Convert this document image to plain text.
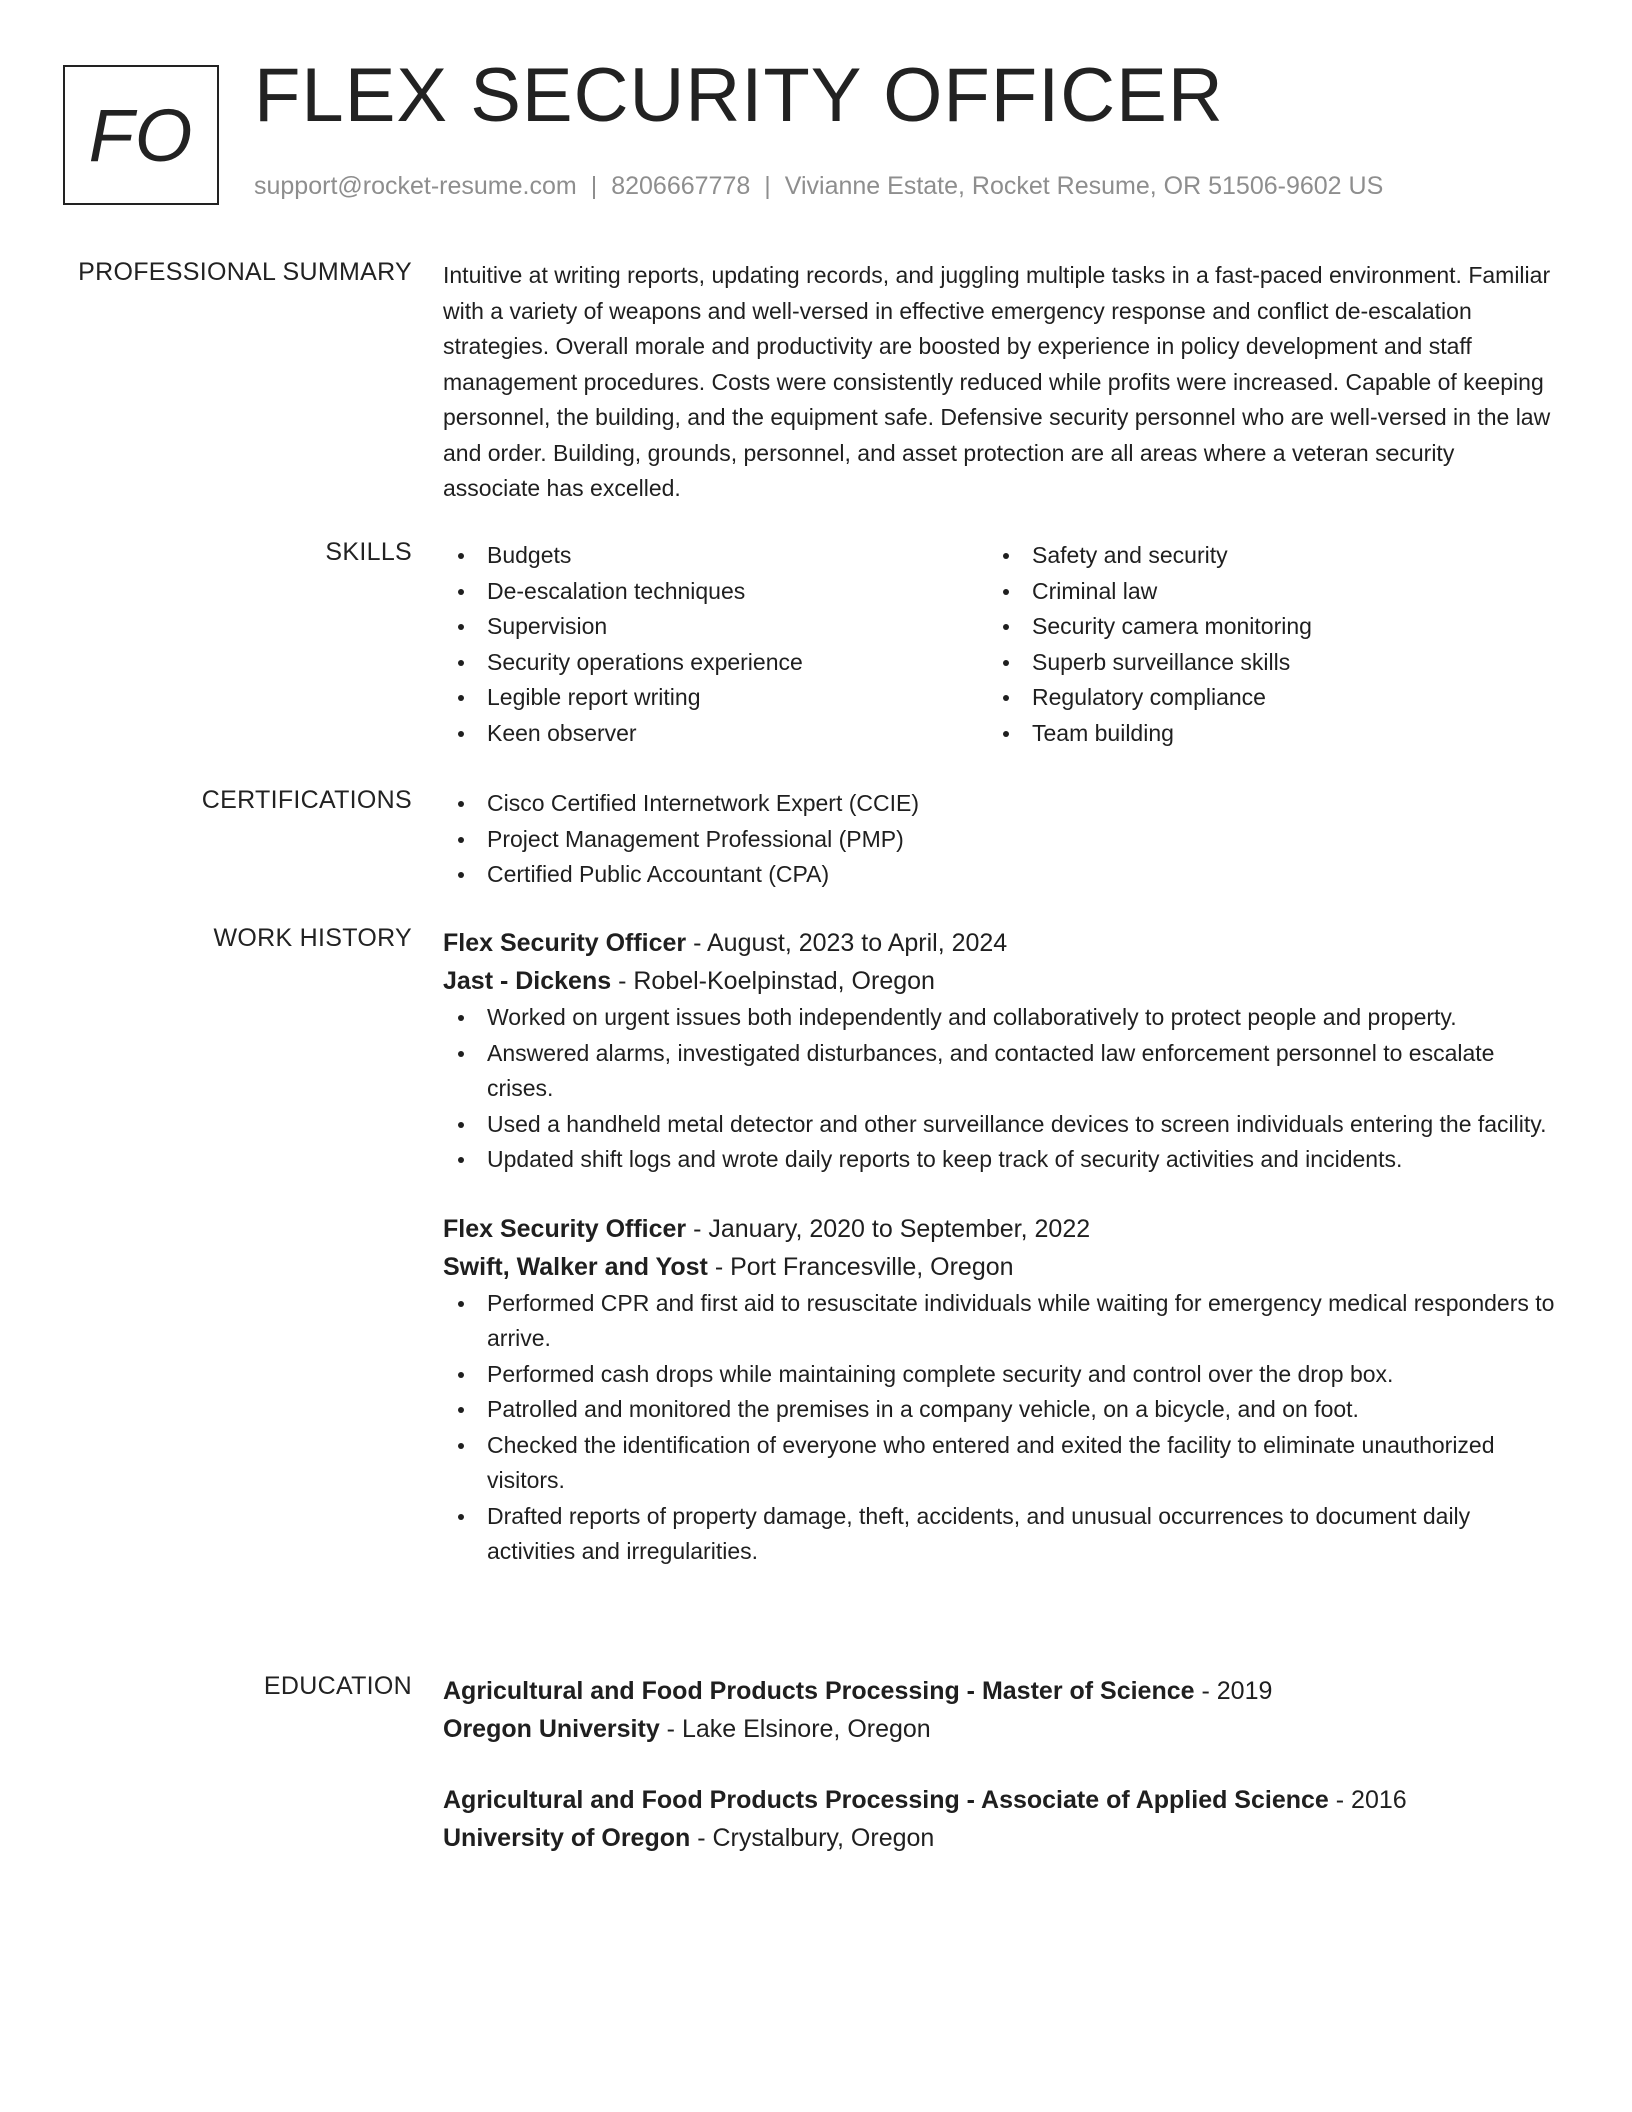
FO FLEX SECURITY OFFICER
support@rocket-resume.com | 8206667778 | Vivianne Estate, Rocket Resume, OR 51506-9602 US
PROFESSIONAL SUMMARY Intuitive at writing reports, updating records, and juggling multiple tasks in a fast-paced environment. Familiar with a variety of weapons and well-versed in effective emergency response and conflict de-escalation strategies. Overall morale and productivity are boosted by experience in policy development and staff management procedures. Costs were consistently reduced while profits were increased. Capable of keeping personnel, the building, and the equipment safe. Defensive security personnel who are well-versed in the law and order. Building, grounds, personnel, and asset protection are all areas where a veteran security associate has excelled.

SKILLS	Budgets
De-escalation techniques
Supervision
Security operations experience
Legible report writing
Keen observer
Safety and security
Criminal law
Security camera monitoring
Superb surveillance skills
Regulatory compliance
Team building
CERTIFICATIONS	Cisco Certified Internetwork Expert (CCIE)
Project Management Professional (PMP)
Certified Public Accountant (CPA)
WORK HISTORY Flex Security Officer - August, 2023 to April, 2024
Jast - Dickens - Robel-Koelpinstad, Oregon
Worked on urgent issues both independently and collaboratively to protect people and property.
Answered alarms, investigated disturbances, and contacted law enforcement personnel to escalate crises.
Used a handheld metal detector and other surveillance devices to screen individuals entering the facility.
Updated shift logs and wrote daily reports to keep track of security activities and incidents.
Flex Security Officer - January, 2020 to September, 2022
Swift, Walker and Yost - Port Francesville, Oregon
Performed CPR and first aid to resuscitate individuals while waiting for emergency medical responders to arrive.
Performed cash drops while maintaining complete security and control over the drop box.
Patrolled and monitored the premises in a company vehicle, on a bicycle, and on foot.
Checked the identification of everyone who entered and exited the facility to eliminate unauthorized visitors.
Drafted reports of property damage, theft, accidents, and unusual occurrences to document daily activities and irregularities.
EDUCATION Agricultural and Food Products Processing - Master of Science - 2019
Oregon University - Lake Elsinore, Oregon
Agricultural and Food Products Processing - Associate of Applied Science - 2016
University of Oregon - Crystalbury, Oregon
